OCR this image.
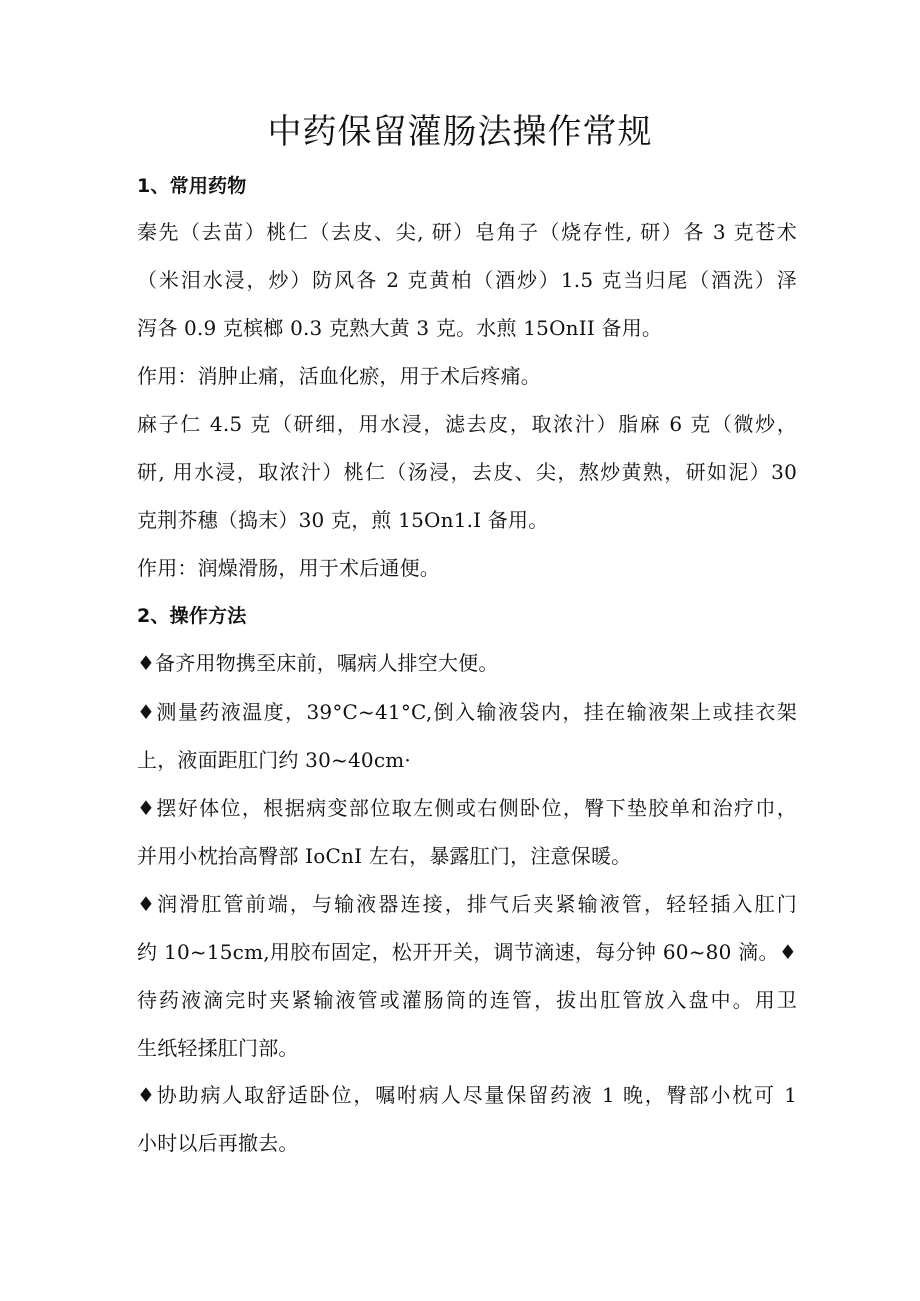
中药保留灌肠法操作常规
1、常用药物
秦先（去苗）桃仁（去皮、尖, 研）皂角子（烧存性, 研）各 3 克苍术
（米泪水浸，炒）防风各 2 克黄柏（酒炒）1.5 克当归尾（酒洗）泽
泻各 0.9 克槟榔 0.3 克熟大黄 3 克。水煎 15OnII 备用。
作用：消肿止痛，活血化瘀，用于术后疼痛。
麻子仁 4.5 克（研细，用水浸，滤去皮，取浓汁）脂麻 6 克（微炒，
研, 用水浸，取浓汁）桃仁（汤浸，去皮、尖，熬炒黄熟，研如泥）30
克荆芥穗（捣末）30 克，煎 15On1.I 备用。
作用：润燥滑肠，用于术后通便。
2、操作方法
♦备齐用物携至床前，嘱病人排空大便。
♦测量药液温度，39°C~41°C,倒入输液袋内，挂在输液架上或挂衣架
上，液面距肛门约 30~40cm·
♦摆好体位，根据病变部位取左侧或右侧卧位，臀下垫胶单和治疗巾，
并用小枕抬高臀部 IoCnI 左右，暴露肛门，注意保暖。
♦润滑肛管前端，与输液器连接，排气后夹紧输液管，轻轻插入肛门
约 10~15cm,用胶布固定，松开开关，调节滴速，每分钟 60~80 滴。♦
待药液滴完时夹紧输液管或灌肠筒的连管，拔出肛管放入盘中。用卫
生纸轻揉肛门部。
♦协助病人取舒适卧位，嘱咐病人尽量保留药液 1 晚，臀部小枕可 1
小时以后再撤去。
